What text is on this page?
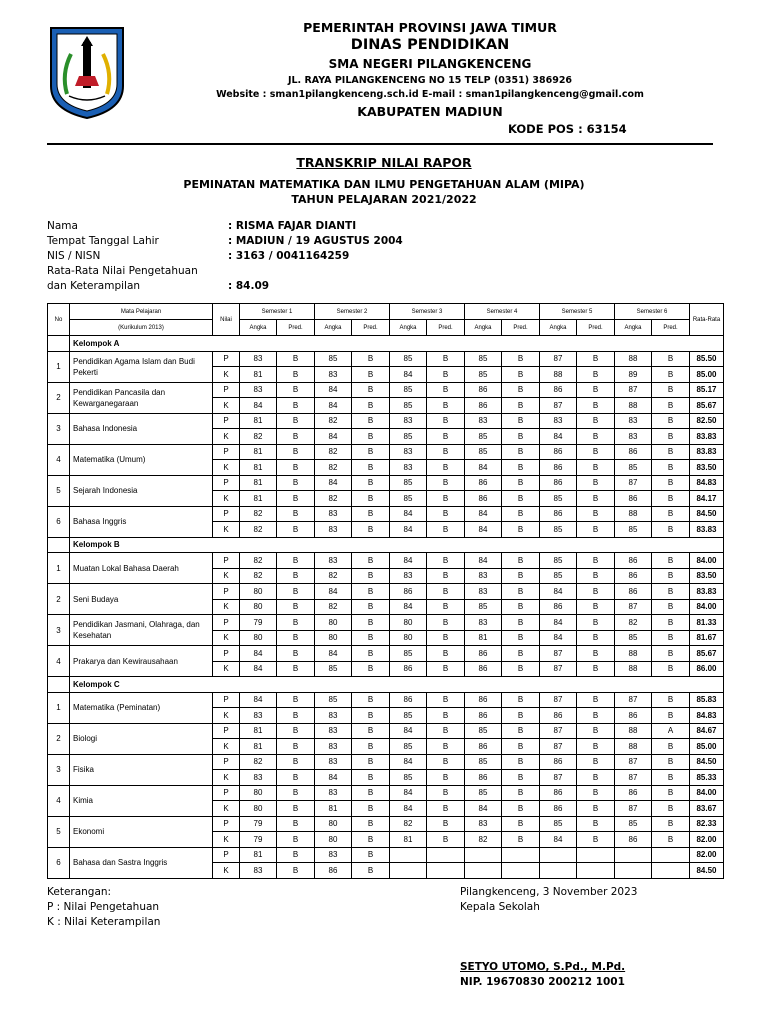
PEMERINTAH PROVINSI JAWA TIMUR
DINAS PENDIDIKAN
SMA NEGERI PILANGKENCENG
JL. RAYA PILANGKENCENG NO 15 TELP (0351) 386926
Website : sman1pilangkenceng.sch.id E-mail : sman1pilangkenceng@gmail.com
KABUPATEN MADIUN
KODE POS : 63154
TRANSKRIP NILAI RAPOR
PEMINATAN MATEMATIKA DAN ILMU PENGETAHUAN ALAM (MIPA)
TAHUN PELAJARAN 2021/2022
Nama	: RISMA FAJAR DIANTI
Tempat Tanggal Lahir	: MADIUN / 19 AGUSTUS 2004
NIS / NISN	: 3163 / 0041164259
Rata-Rata Nilai Pengetahuan
dan Keterampilan	: 84.09
No	Mata Pelajaran	Nilai	Semester 1		Semester 2		Semester 3		Semester 4		Semester 5		Semester 6		Rata-Rata
	(Kurikulum 2013)		Angka	Pred.	Angka	Pred.	Angka	Pred.	Angka	Pred.	Angka	Pred.	Angka	Pred.	
	Kelompok A														
1	Pendidikan Agama Islam dan Budi Pekerti	P	83	B	85	B	85	B	85	B	87	B	88	B	85.50
		K	81	B	83	B	84	B	85	B	88	B	89	B	85.00
2	Pendidikan Pancasila dan Kewarganegaraan	P	83	B	84	B	85	B	86	B	86	B	87	B	85.17
		K	84	B	84	B	85	B	86	B	87	B	88	B	85.67
3	Bahasa Indonesia	P	81	B	82	B	83	B	83	B	83	B	83	B	82.50
		K	82	B	84	B	85	B	85	B	84	B	83	B	83.83
4	Matematika (Umum)	P	81	B	82	B	83	B	85	B	86	B	86	B	83.83
		K	81	B	82	B	83	B	84	B	86	B	85	B	83.50
5	Sejarah Indonesia	P	81	B	84	B	85	B	86	B	86	B	87	B	84.83
		K	81	B	82	B	85	B	86	B	85	B	86	B	84.17
6	Bahasa Inggris	P	82	B	83	B	84	B	84	B	86	B	88	B	84.50
		K	82	B	83	B	84	B	84	B	85	B	85	B	83.83
	Kelompok B														
1	Muatan Lokal Bahasa Daerah	P	82	B	83	B	84	B	84	B	85	B	86	B	84.00
		K	82	B	82	B	83	B	83	B	85	B	86	B	83.50
2	Seni Budaya	P	80	B	84	B	86	B	83	B	84	B	86	B	83.83
		K	80	B	82	B	84	B	85	B	86	B	87	B	84.00
3	Pendidikan Jasmani, Olahraga, dan Kesehatan	P	79	B	80	B	80	B	83	B	84	B	82	B	81.33
		K	80	B	80	B	80	B	81	B	84	B	85	B	81.67
4	Prakarya dan Kewirausahaan	P	84	B	84	B	85	B	86	B	87	B	88	B	85.67
		K	84	B	85	B	86	B	86	B	87	B	88	B	86.00
	Kelompok C														
1	Matematika (Peminatan)	P	84	B	85	B	86	B	86	B	87	B	87	B	85.83
		K	83	B	83	B	85	B	86	B	86	B	86	B	84.83
2	Biologi	P	81	B	83	B	84	B	85	B	87	B	88	A	84.67
		K	81	B	83	B	85	B	86	B	87	B	88	B	85.00
3	Fisika	P	82	B	83	B	84	B	85	B	86	B	87	B	84.50
		K	83	B	84	B	85	B	86	B	87	B	87	B	85.33
4	Kimia	P	80	B	83	B	84	B	85	B	86	B	86	B	84.00
		K	80	B	81	B	84	B	84	B	86	B	87	B	83.67
5	Ekonomi	P	79	B	80	B	82	B	83	B	85	B	85	B	82.33
		K	79	B	80	B	81	B	82	B	84	B	86	B	82.00
6	Bahasa dan Sastra Inggris	P	81	B	83	B									82.00
		K	83	B	86	B									84.50
Keterangan:
P : Nilai Pengetahuan
K : Nilai Keterampilan
Pilangkenceng, 3 November 2023
Kepala Sekolah
SETYO UTOMO, S.Pd., M.Pd.
NIP. 19670830 200212 1001
